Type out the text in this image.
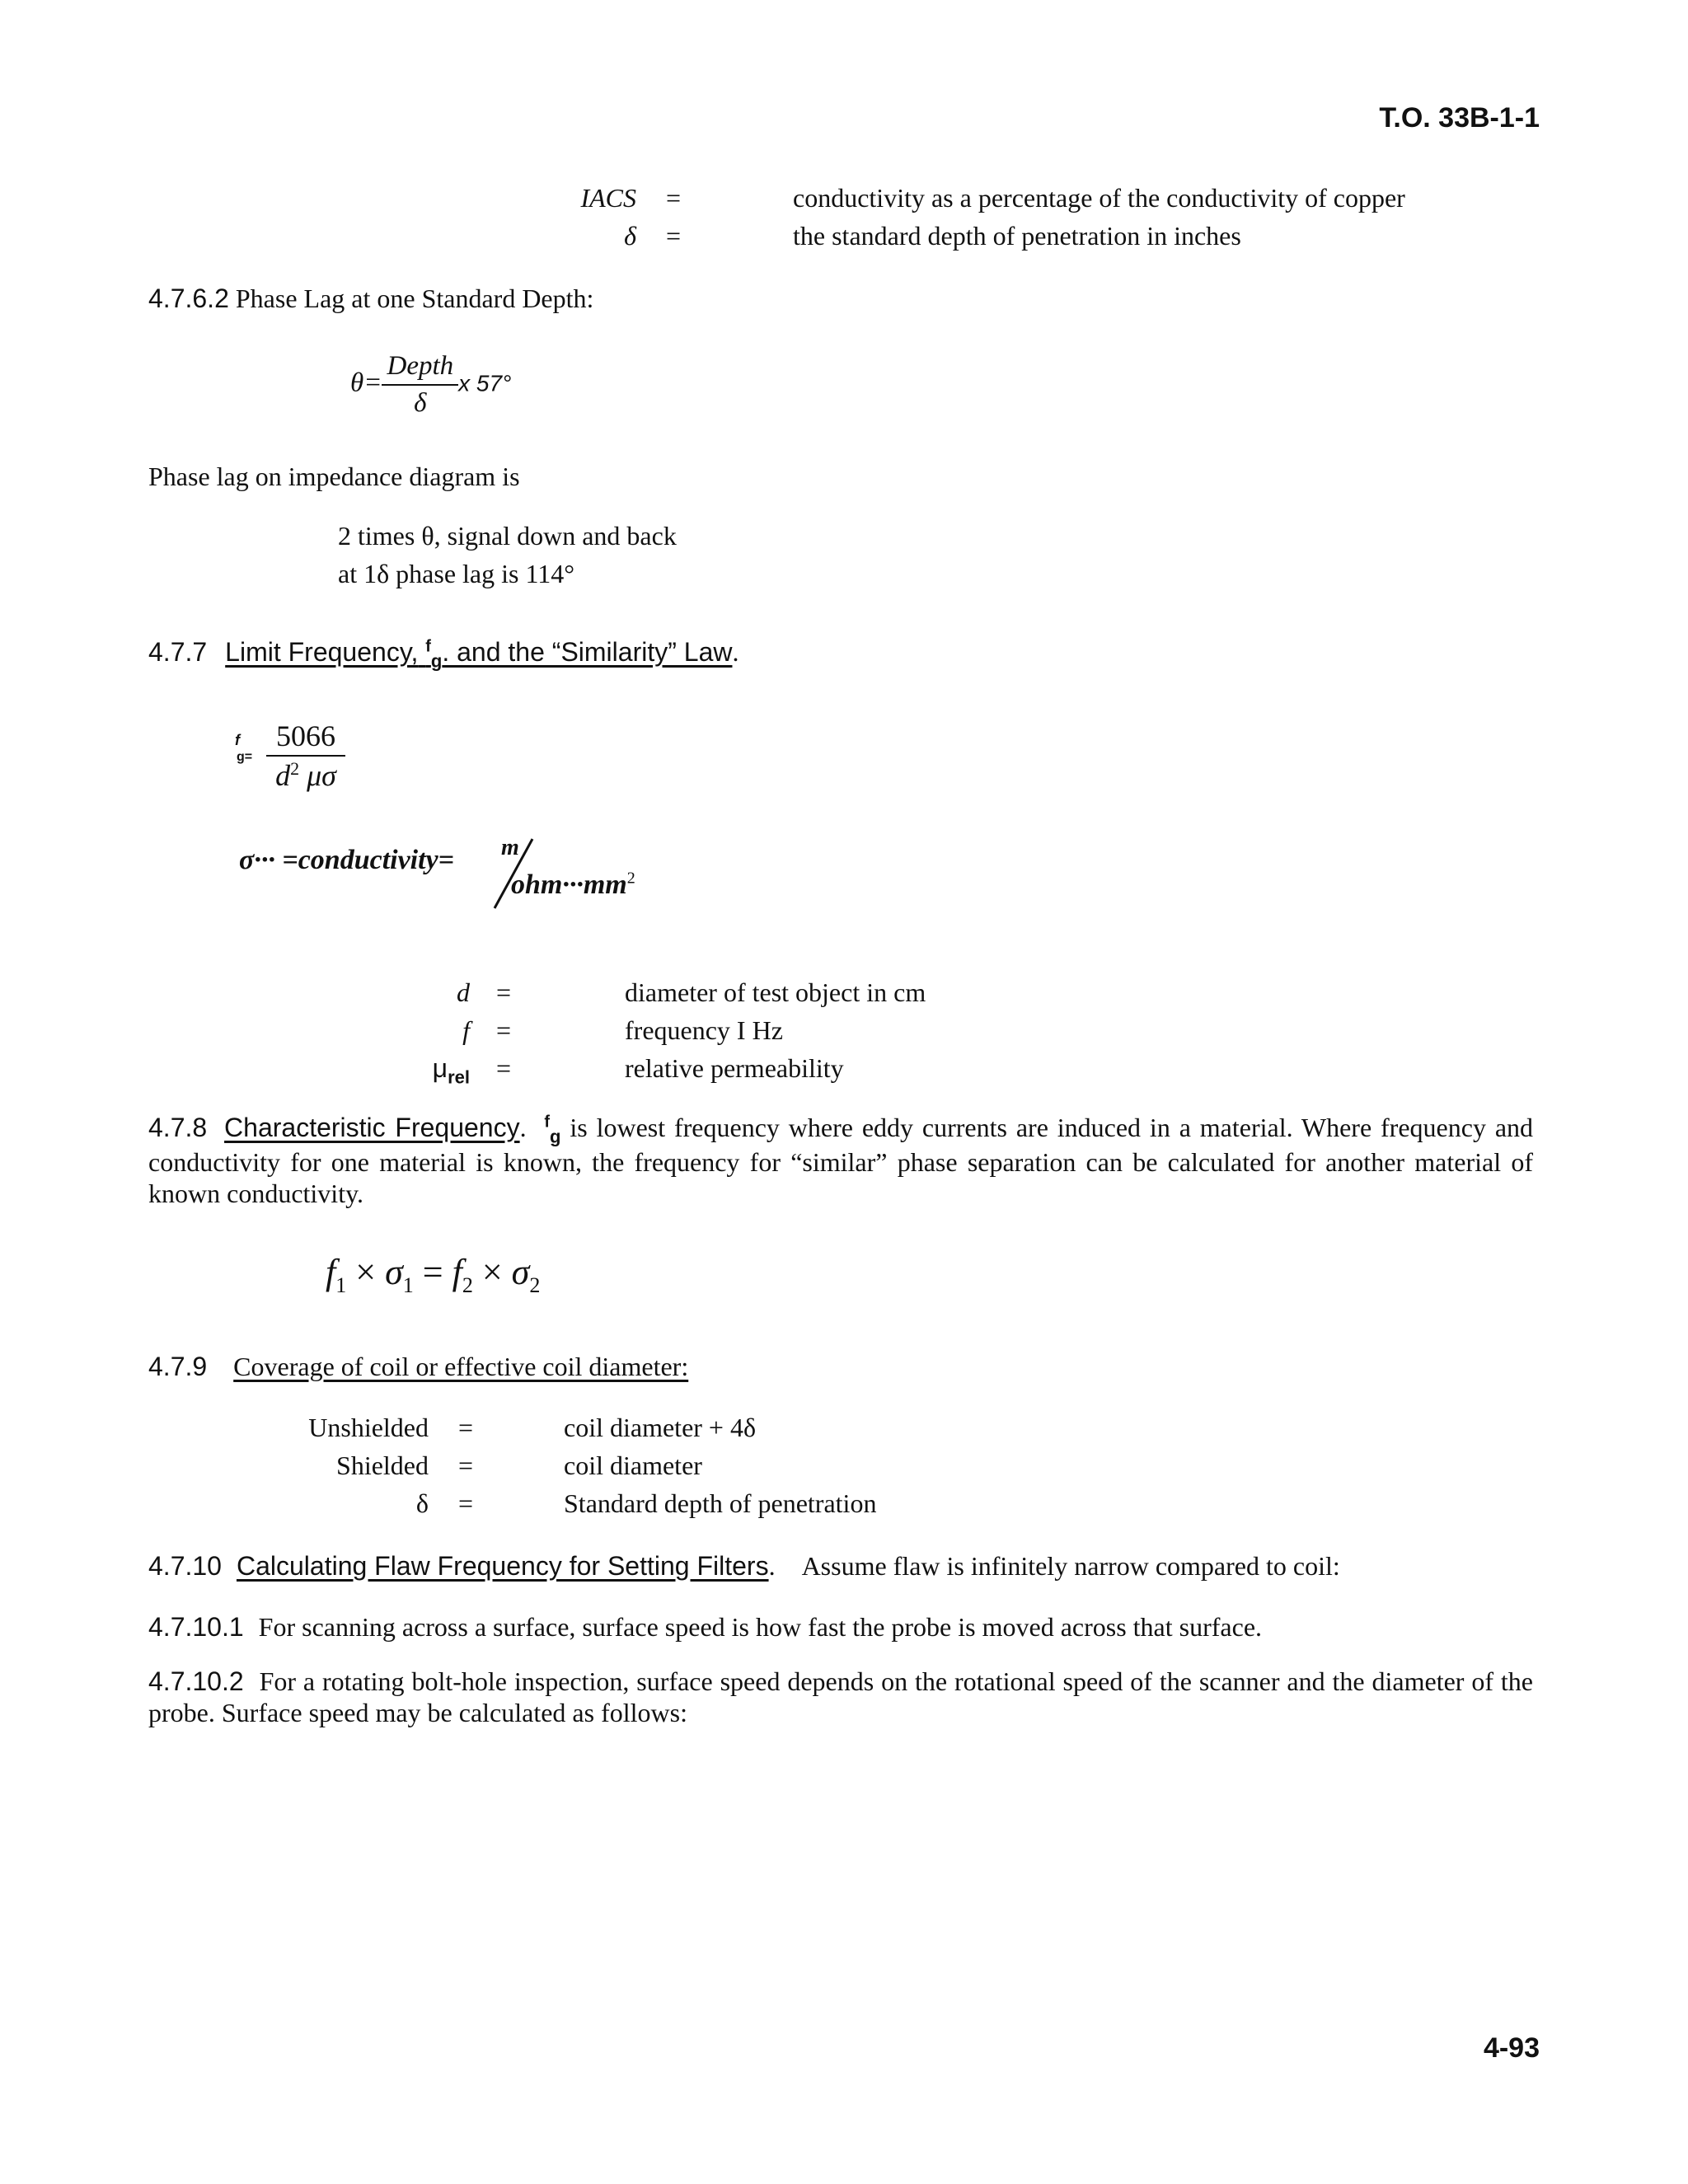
T.O. 33B-1-1
IACS =	conductivity as a percentage of the conductivity of copper
δ =	the standard depth of penetration in inches
4.7.6.2 Phase Lag at one Standard Depth:
$\theta= \frac{\text{Depth}}{\delta}$ x 57°
Phase lag on impedance diagram is
2 times θ, signal down and back
at 1δ phase lag is 114°
4.7.7 Limit Frequency, $^f_g$. and the “Similarity” Law.
f
$g= \frac{5066}{d^2 \mu\sigma}$
σ··· =conductivity= m
$ohm\cdot\cdot\cdot mm^2$
d =	diameter of test object in cm
f =	frequency I Hz
$\mu_{rel}$ =	relative permeability
4.7.8 Characteristic Frequency. $^f_g$ is lowest frequency where eddy currents are induced in a material. Where frequency and conductivity for one material is known, the frequency for “similar” phase separation can be calculated for another material of known conductivity.
$f_1 \times \sigma_1 = f_2 \times \sigma_2$
4.7.9 Coverage of coil or effective coil diameter:
Unshielded =	coil diameter + 4δ
Shielded =	coil diameter
δ =	Standard depth of penetration
4.7.10 Calculating Flaw Frequency for Setting Filters. Assume flaw is infinitely narrow compared to coil:
4.7.10.1 For scanning across a surface, surface speed is how fast the probe is moved across that surface.
4.7.10.2 For a rotating bolt-hole inspection, surface speed depends on the rotational speed of the scanner and the diameter of the probe. Surface speed may be calculated as follows:
4-93
